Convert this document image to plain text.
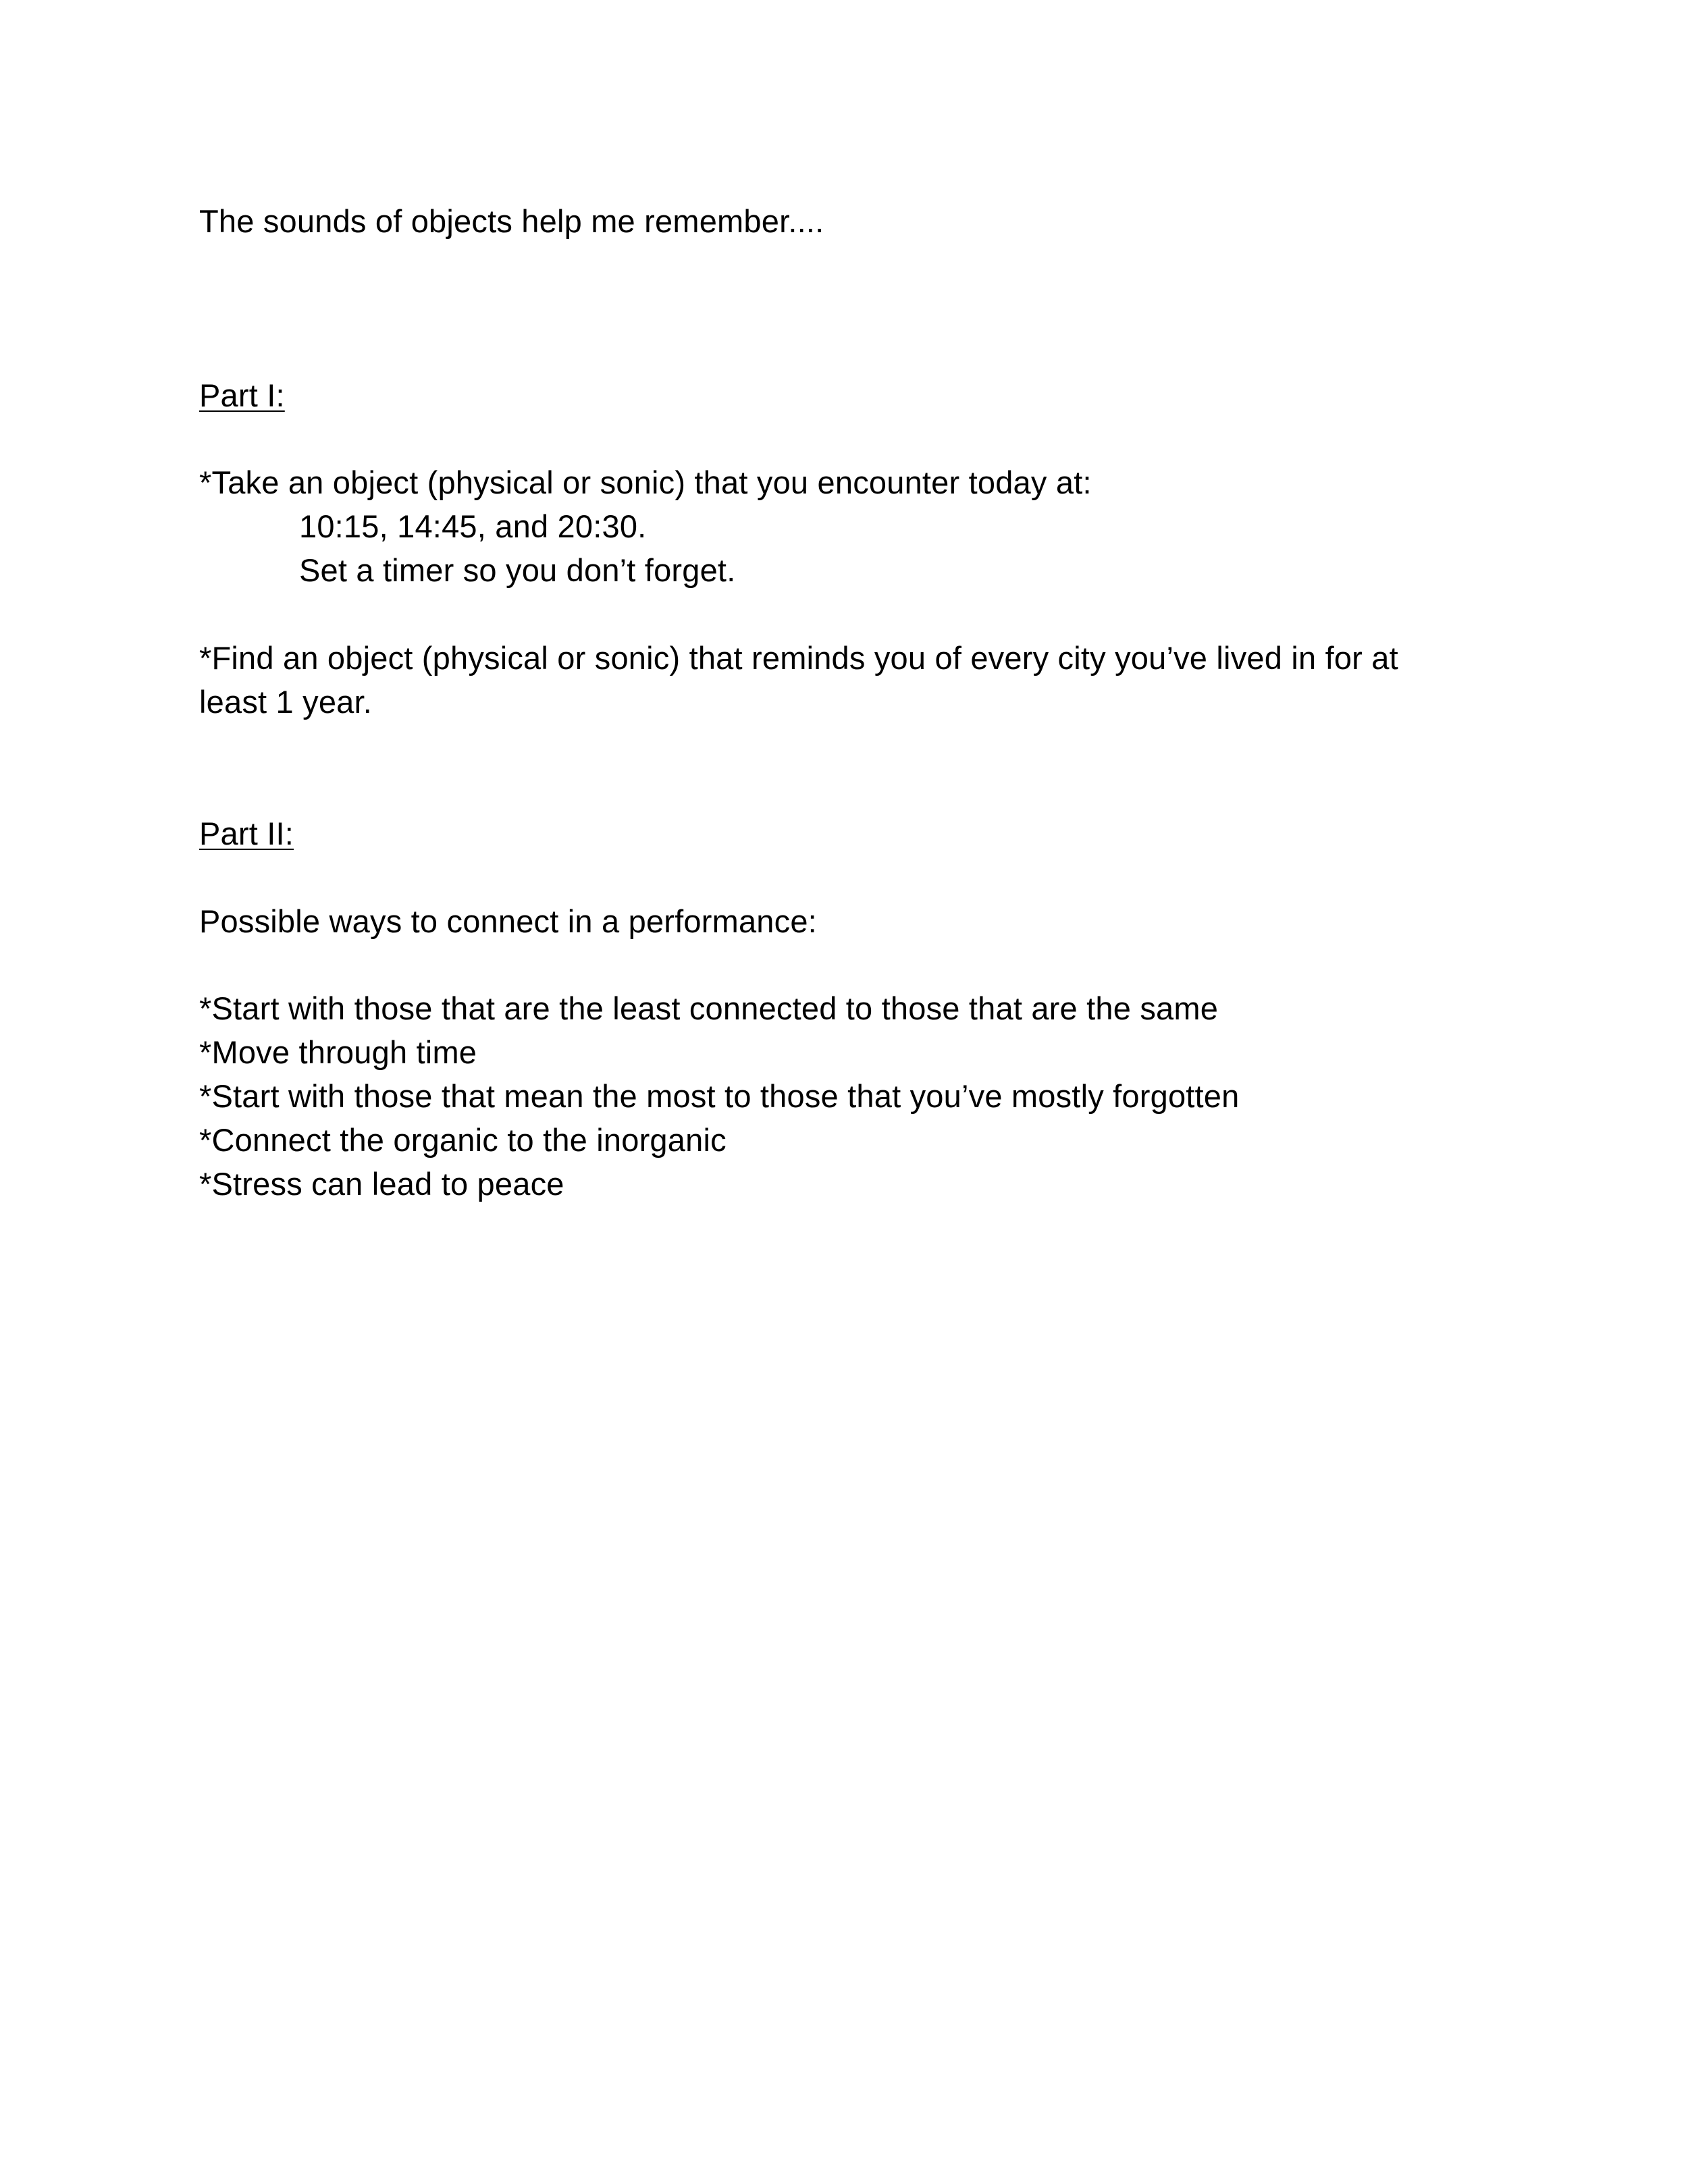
The sounds of objects help me remember....
Part I:
*Take an object (physical or sonic) that you encounter today at:
10:15, 14:45, and 20:30.
Set a timer so you don’t forget.
*Find an object (physical or sonic) that reminds you of every city you’ve lived in for at
least 1 year.
Part II:
Possible ways to connect in a performance:
*Start with those that are the least connected to those that are the same
*Move through time
*Start with those that mean the most to those that you’ve mostly forgotten
*Connect the organic to the inorganic
*Stress can lead to peace
